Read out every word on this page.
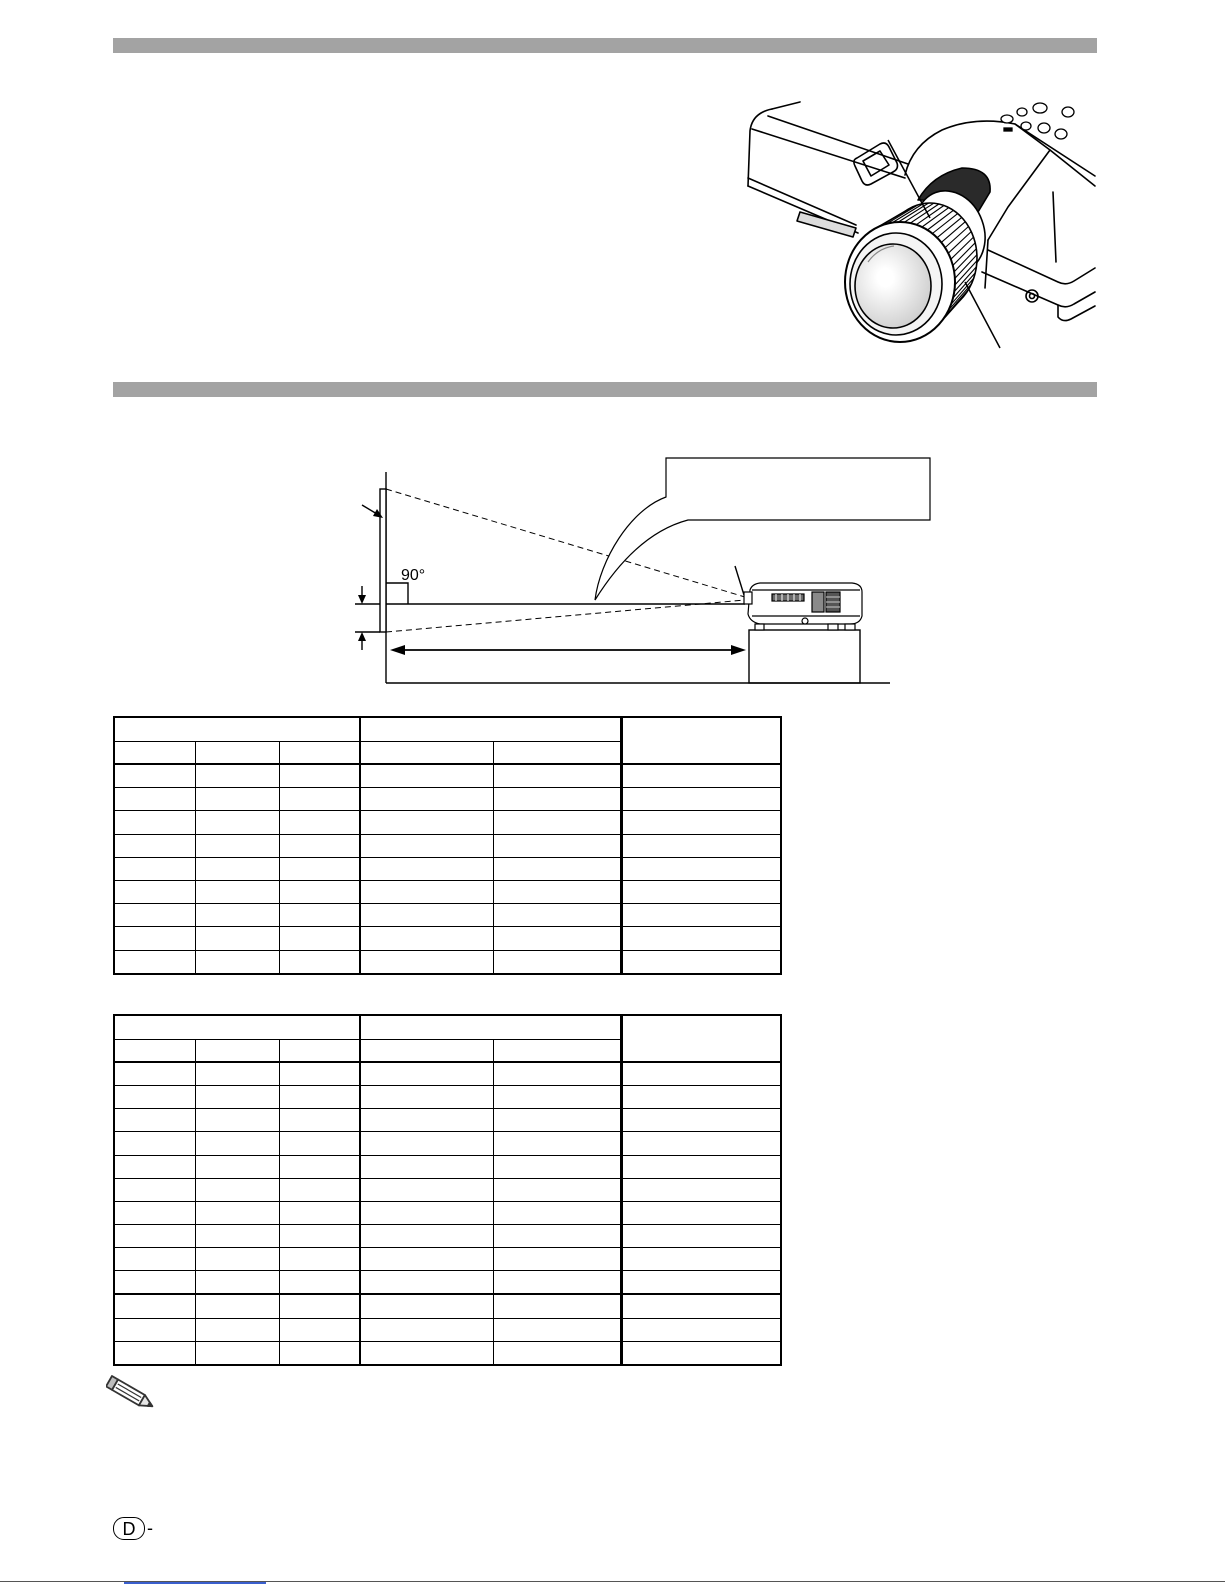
90°

D -
